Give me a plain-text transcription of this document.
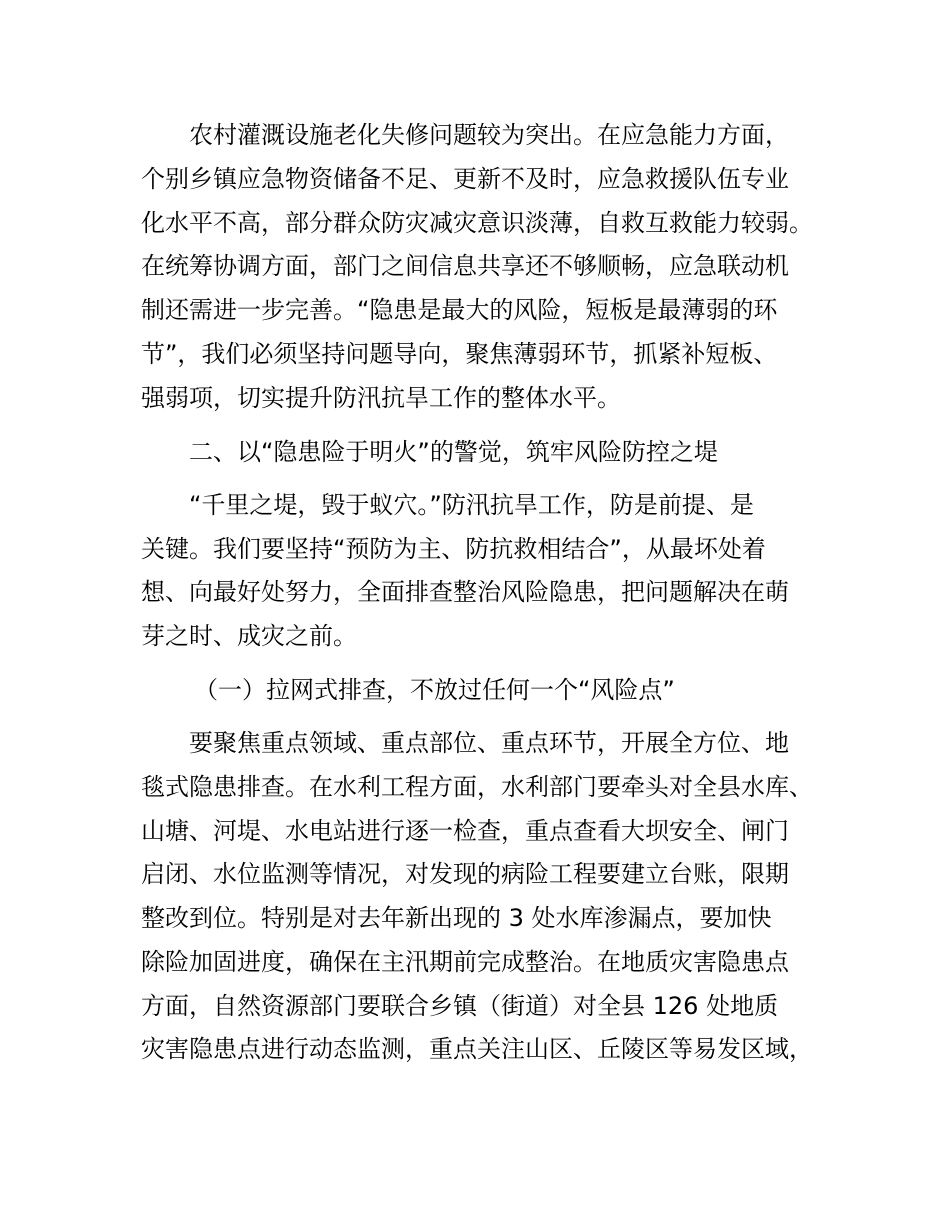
农村灌溉设施老化失修问题较为突出。在应急能力方面，
个别乡镇应急物资储备不足、更新不及时，应急救援队伍专业
化水平不高，部分群众防灾减灾意识淡薄，自救互救能力较弱。
在统筹协调方面，部门之间信息共享还不够顺畅，应急联动机
制还需进一步完善。“隐患是最大的风险，短板是最薄弱的环
节”，我们必须坚持问题导向，聚焦薄弱环节，抓紧补短板、
强弱项，切实提升防汛抗旱工作的整体水平。
二、以“隐患险于明火”的警觉，筑牢风险防控之堤
“千里之堤，毁于蚁穴。”防汛抗旱工作，防是前提、是
关键。我们要坚持“预防为主、防抗救相结合”，从最坏处着
想、向最好处努力，全面排查整治风险隐患，把问题解决在萌
芽之时、成灾之前。
（一）拉网式排查，不放过任何一个“风险点”
要聚焦重点领域、重点部位、重点环节，开展全方位、地
毯式隐患排查。在水利工程方面，水利部门要牵头对全县水库、
山塘、河堤、水电站进行逐一检查，重点查看大坝安全、闸门
启闭、水位监测等情况，对发现的病险工程要建立台账，限期
整改到位。特别是对去年新出现的 3 处水库渗漏点，要加快
除险加固进度，确保在主汛期前完成整治。在地质灾害隐患点
方面，自然资源部门要联合乡镇（街道）对全县 126 处地质
灾害隐患点进行动态监测，重点关注山区、丘陵区等易发区域，
